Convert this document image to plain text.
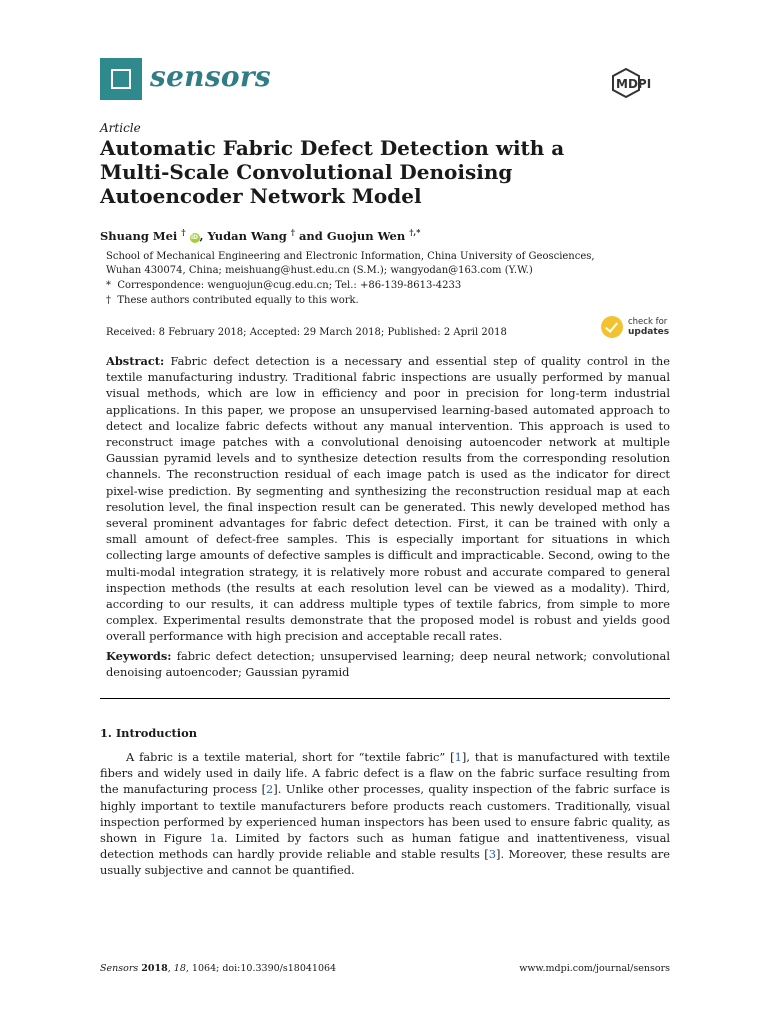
sensors	MDPI
Article
Automatic Fabric Defect Detection with a Multi-Scale Convolutional Denoising Autoencoder Network Model
Shuang Mei † iD, Yudan Wang † and Guojun Wen †,*
School of Mechanical Engineering and Electronic Information, China University of Geosciences, Wuhan 430074, China; meishuang@hust.edu.cn (S.M.); wangyodan@163.com (Y.W.)
*  Correspondence: wenguojun@cug.edu.cn; Tel.: +86-139-8613-4233
†  These authors contributed equally to this work.
Received: 8 February 2018; Accepted: 29 March 2018; Published: 2 April 2018
check for
updates
Abstract: Fabric defect detection is a necessary and essential step of quality control in the textile manufacturing industry. Traditional fabric inspections are usually performed by manual visual methods, which are low in efficiency and poor in precision for long-term industrial applications. In this paper, we propose an unsupervised learning-based automated approach to detect and localize fabric defects without any manual intervention. This approach is used to reconstruct image patches with a convolutional denoising autoencoder network at multiple Gaussian pyramid levels and to synthesize detection results from the corresponding resolution channels. The reconstruction residual of each image patch is used as the indicator for direct pixel-wise prediction. By segmenting and synthesizing the reconstruction residual map at each resolution level, the final inspection result can be generated. This newly developed method has several prominent advantages for fabric defect detection. First, it can be trained with only a small amount of defect-free samples. This is especially important for situations in which collecting large amounts of defective samples is difficult and impracticable. Second, owing to the multi-modal integration strategy, it is relatively more robust and accurate compared to general inspection methods (the results at each resolution level can be viewed as a modality). Third, according to our results, it can address multiple types of textile fabrics, from simple to more complex. Experimental results demonstrate that the proposed model is robust and yields good overall performance with high precision and acceptable recall rates.
Keywords: fabric defect detection; unsupervised learning; deep neural network; convolutional denoising autoencoder; Gaussian pyramid
1. Introduction
A fabric is a textile material, short for “textile fabric” [1], that is manufactured with textile fibers and widely used in daily life. A fabric defect is a flaw on the fabric surface resulting from the manufacturing process [2]. Unlike other processes, quality inspection of the fabric surface is highly important to textile manufacturers before products reach customers. Traditionally, visual inspection performed by experienced human inspectors has been used to ensure fabric quality, as shown in Figure 1a. Limited by factors such as human fatigue and inattentiveness, visual detection methods can hardly provide reliable and stable results [3]. Moreover, these results are usually subjective and cannot be quantified.
Sensors 2018, 18, 1064; doi:10.3390/s18041064	www.mdpi.com/journal/sensors
